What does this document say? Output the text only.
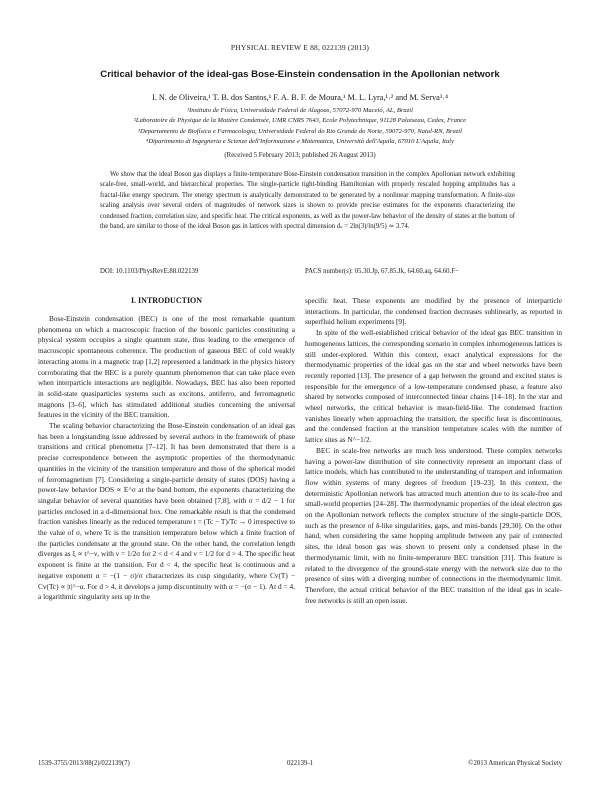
PHYSICAL REVIEW E 88, 022139 (2013)
Critical behavior of the ideal-gas Bose-Einstein condensation in the Apollonian network
I. N. de Oliveira,¹ T. B. dos Santos,¹ F. A. B. F. de Moura,¹ M. L. Lyra,¹˒² and M. Serva³˒⁴
¹Instituto de Física, Universidade Federal de Alagoas, 57072-970 Maceió, AL, Brazil
²Laboratoire de Physique de la Matière Condensée, UMR CNRS 7643, Ecole Polytechnique, 91128 Palaiseau, Cedex, France
³Departamento de Biofísica e Farmacologia, Universidade Federal do Rio Grande do Norte, 59072-970, Natal-RN, Brazil
⁴Dipartimento di Ingegneria e Scienze dell'Informazione e Matematica, Università dell'Aquila, 67010 L'Aquila, Italy
(Received 5 February 2013; published 26 August 2013)
We show that the ideal Boson gas displays a finite-temperature Bose-Einstein condensation transition in the complex Apollonian network exhibiting scale-free, small-world, and hierarchical properties. The single-particle tight-binding Hamiltonian with properly rescaled hopping amplitudes has a fractal-like energy spectrum. The energy spectrum is analytically demonstrated to be generated by a nonlinear mapping transformation. A finite-size scaling analysis over several orders of magnitudes of network sizes is shown to provide precise estimates for the exponents characterizing the condensed fraction, correlation size, and specific heat. The critical exponents, as well as the power-law behavior of the density of states at the bottom of the band, are similar to those of the ideal Boson gas in lattices with spectral dimension dₛ = 2ln(3)/ln(9/5) ≃ 3.74.
DOI: 10.1103/PhysRevE.88.022139	PACS number(s): 05.30.Jp, 67.85.Jk, 64.60.aq, 64.60.F−
I. INTRODUCTION

Bose-Einstein condensation (BEC) is one of the most remarkable quantum phenomena on which a macroscopic fraction of the bosonic particles constituting a physical system occupies a single quantum state, thus leading to the emergence of macroscopic spontaneous coherence. The production of gaseous BEC of cold weakly interacting atoms in a magnetic trap [1,2] represented a landmark in the physics history corroborating that the BEC is a purely quantum phenomenon that can take place even when interparticle interactions are negligible. Nowadays, BEC has also been reported in solid-state quasiparticles systems such as excitons, antiferro, and ferromagnetic magnons [3–6], which has stimulated additional studies concerning the universal features in the vicinity of the BEC transition.

The scaling behavior characterizing the Bose-Einstein condensation of an ideal gas has been a longstanding issue addressed by several authors in the framework of phase transitions and critical phenomena [7–12]. It has been demonstrated that there is a precise correspondence between the asymptotic properties of the thermodynamic quantities in the vicinity of the transition temperature and those of the spherical model of ferromagnetism [7]. Considering a single-particle density of states (DOS) having a power-law behavior DOS ∝ E^σ at the band bottom, the exponents characterizing the singular behavior of several quantities have been obtained [7,8], with σ = d/2 − 1 for particles enclosed in a d-dimensional box. One remarkable result is that the condensed fraction vanishes linearly as the reduced temperature t = (Tc − T)/Tc → 0 irrespective to the value of σ, where Tc is the transition temperature below which a finite fraction of the particles condensate at the ground state. On the other hand, the correlation length diverges as ξ ∝ t^−ν, with ν = 1/2σ for 2 < d < 4 and ν = 1/2 for d > 4. The specific heat exponent is finite at the transition. For d < 4, the specific heat is continuous and a negative exponent α = −(1 − σ)/σ characterizes its cusp singularity, where Cv(T) − Cv(Tc) ∝ |t|^−α. For d > 4, it develops a jump discontinuity with α = −(σ − 1). At d = 4, a logarithmic singularity sets up in the

specific heat. These exponents are modified by the presence of interparticle interactions. In particular, the condensed fraction decreases sublinearly, as reported in superfluid helium experiments [9].

In spite of the well-established critical behavior of the ideal gas BEC transition in homogeneous lattices, the corresponding scenario in complex inhomogeneous lattices is still under-explored. Within this context, exact analytical expressions for the thermodynamic properties of the ideal gas on the star and wheel networks have been recently reported [13]. The presence of a gap between the ground and excited states is responsible for the emergence of a low-temperature condensed phase, a feature also shared by networks composed of interconnected linear chains [14–18]. In the star and wheel networks, the critical behavior is mean-field-like. The condensed fraction vanishes linearly when approaching the transition, the specific heat is discontinuous, and the condensed fraction at the transition temperature scales with the number of lattice sites as N^−1/2.

BEC in scale-free networks are much less understood. These complex networks having a power-law distribution of site connectivity represent an important class of lattice models, which has contributed to the understanding of transport and information flow within systems of many degrees of freedom [19–23]. In this context, the deterministic Apollonian network has attracted much attention due to its scale-free and small-world properties [24–28]. The thermodynamic properties of the ideal electron gas on the Apollonian network reflects the complex structure of the single-particle DOS, such as the presence of δ-like singularities, gaps, and mini-bands [29,30]. On the other hand, when considering the same hopping amplitude between any pair of connected sites, the ideal boson gas was shown to present only a condensed phase in the thermodynamic limit, with no finite-temperature BEC transition [31]. This feature is related to the divergence of the ground-state energy with the network size due to the presence of sites with a diverging number of connections in the thermodynamic limit. Therefore, the actual critical behavior of the BEC transition of the ideal gas in scale-free networks is still an open issue.

1539-3755/2013/88(2)/022139(7)	022139-1	©2013 American Physical Society
